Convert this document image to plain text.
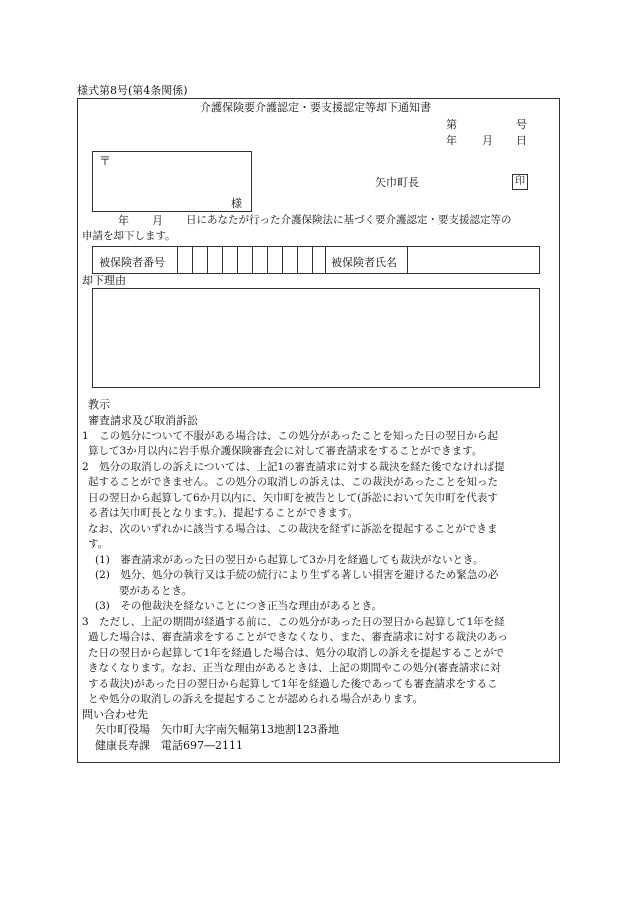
様式第8号(第4条関係)
介護保険要介護認定・要支援認定等却下通知書
第	号
年 月 日
〒
様
矢巾町長	印
年 月 日にあなたが行った介護保険法に基づく要介護認定・要支援認定等の
申請を却下します。
被保険者番号	被保険者氏名
却下理由
教示
審査請求及び取消訴訟
1　この処分について不服がある場合は、この処分があったことを知った日の翌日から起
算して3か月以内に岩手県介護保険審査会に対して審査請求をすることができます。
2　処分の取消しの訴えについては、上記1の審査請求に対する裁決を経た後でなければ提
起することができません。この処分の取消しの訴えは、この裁決があったことを知った
日の翌日から起算して6か月以内に、矢巾町を被告として(訴訟において矢巾町を代表す
る者は矢巾町長となります。)、提起することができます。
なお、次のいずれかに該当する場合は、この裁決を経ずに訴訟を提起することができま
す。
(1)　審査請求があった日の翌日から起算して3か月を経過しても裁決がないとき。
(2)　処分、処分の執行又は手続の続行により生ずる著しい損害を避けるため緊急の必
要があるとき。
(3)　その他裁決を経ないことにつき正当な理由があるとき。
3　ただし、上記の期間が経過する前に、この処分があった日の翌日から起算して1年を経
過した場合は、審査請求をすることができなくなり、また、審査請求に対する裁決のあっ
た日の翌日から起算して1年を経過した場合は、処分の取消しの訴えを提起することがで
きなくなります。なお、正当な理由があるときは、上記の期間やこの処分(審査請求に対
する裁決)があった日の翌日から起算して1年を経過した後であっても審査請求をするこ
とや処分の取消しの訴えを提起することが認められる場合があります。
問い合わせ先
矢巾町役場　矢巾町大字南矢幅第13地割123番地
健康長寿課　電話697―2111
